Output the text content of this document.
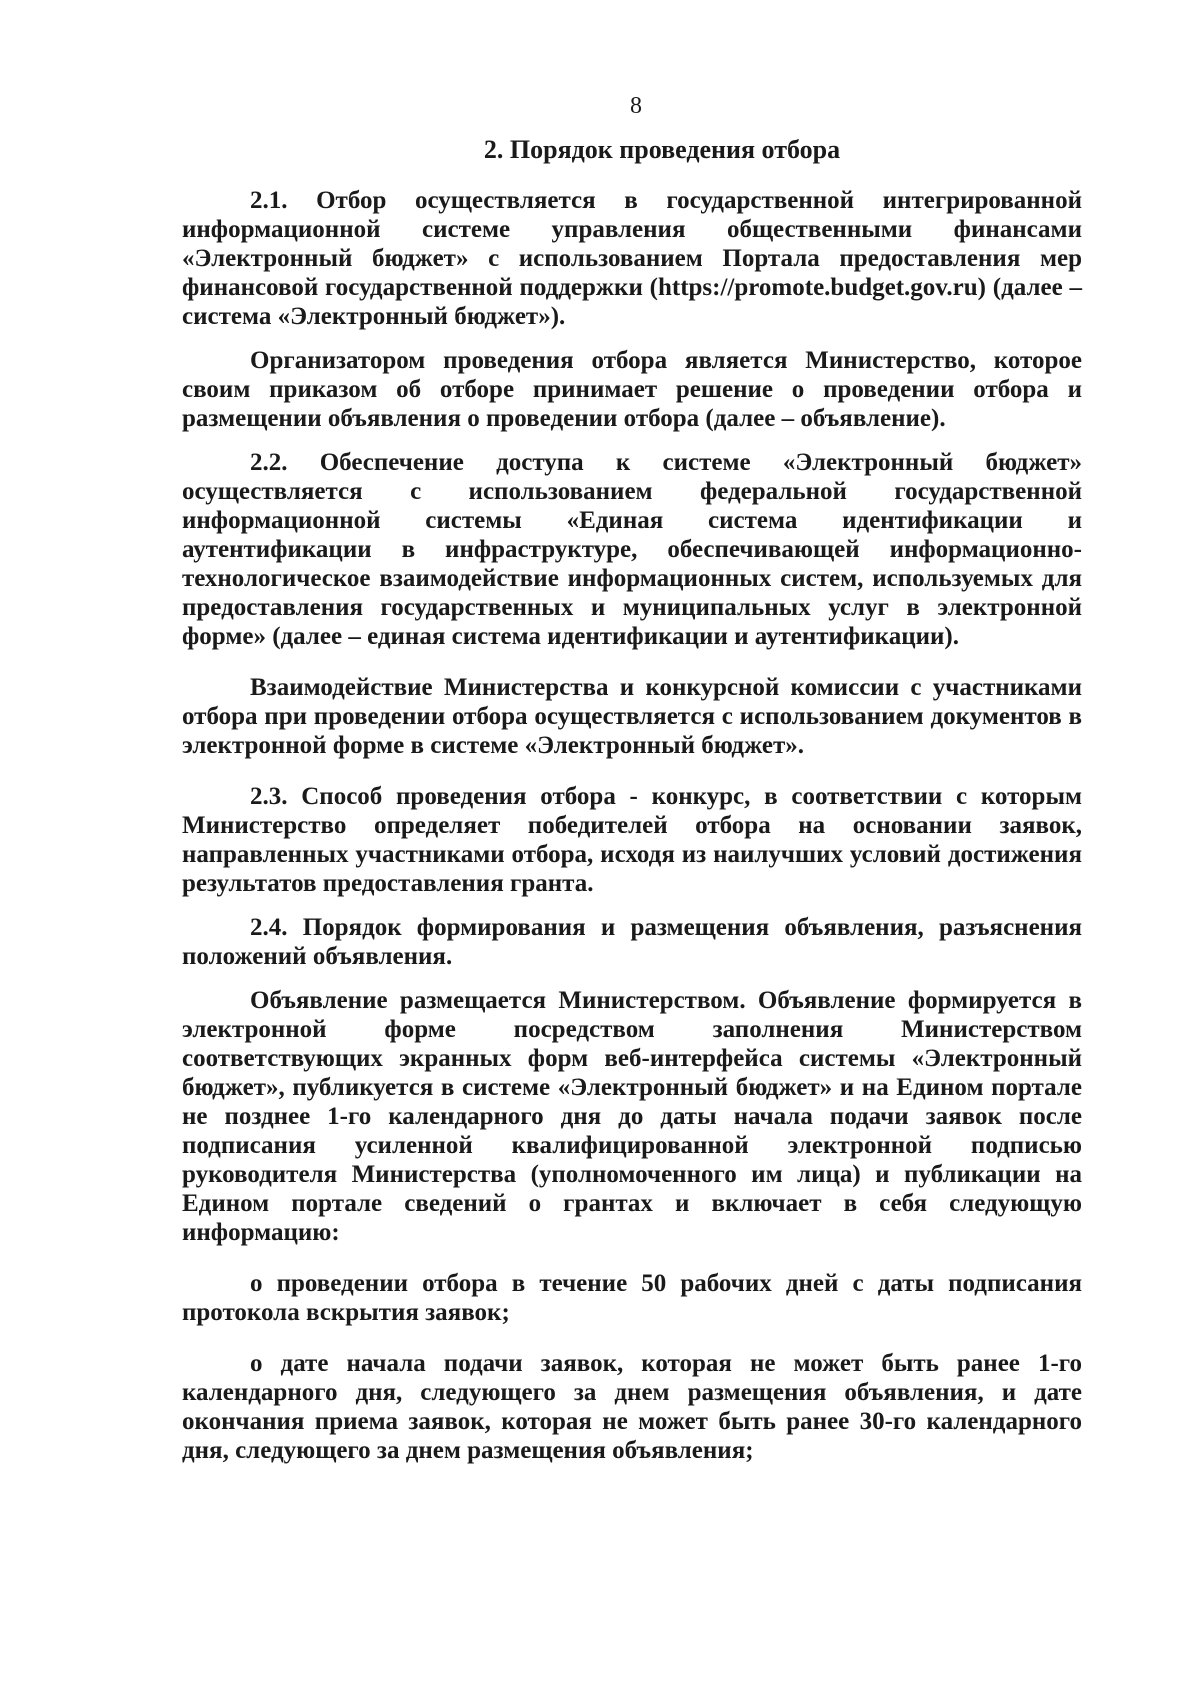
8
2. Порядок проведения отбора

2.1. Отбор осуществляется в государственной интегрированной информационной системе управления общественными финансами «Электронный бюджет» с использованием Портала предоставления мер финансовой государственной поддержки (https://promote.budget.gov.ru) (далее – система «Электронный бюджет»).

Организатором проведения отбора является Министерство, которое своим приказом об отборе принимает решение о проведении отбора и размещении объявления о проведении отбора (далее – объявление).

2.2. Обеспечение доступа к системе «Электронный бюджет» осуществляется с использованием федеральной государственной информационной системы «Единая система идентификации и аутентификации в инфраструктуре, обеспечивающей информационно-технологическое взаимодействие информационных систем, используемых для предоставления государственных и муниципальных услуг в электронной форме» (далее – единая система идентификации и аутентификации).

Взаимодействие Министерства и конкурсной комиссии с участниками отбора при проведении отбора осуществляется с использованием документов в электронной форме в системе «Электронный бюджет».

2.3. Способ проведения отбора - конкурс, в соответствии с которым Министерство определяет победителей отбора на основании заявок, направленных участниками отбора, исходя из наилучших условий достижения результатов предоставления гранта.

2.4. Порядок формирования и размещения объявления, разъяснения положений объявления.

Объявление размещается Министерством. Объявление формируется в электронной форме посредством заполнения Министерством соответствующих экранных форм веб-интерфейса системы «Электронный бюджет», публикуется в системе «Электронный бюджет» и на Едином портале не позднее 1-го календарного дня до даты начала подачи заявок после подписания усиленной квалифицированной электронной подписью руководителя Министерства (уполномоченного им лица) и публикации на Едином портале сведений о грантах и включает в себя следующую информацию:

о проведении отбора в течение 50 рабочих дней с даты подписания протокола вскрытия заявок;

о дате начала подачи заявок, которая не может быть ранее 1-го календарного дня, следующего за днем размещения объявления, и дате окончания приема заявок, которая не может быть ранее 30-го календарного дня, следующего за днем размещения объявления;
